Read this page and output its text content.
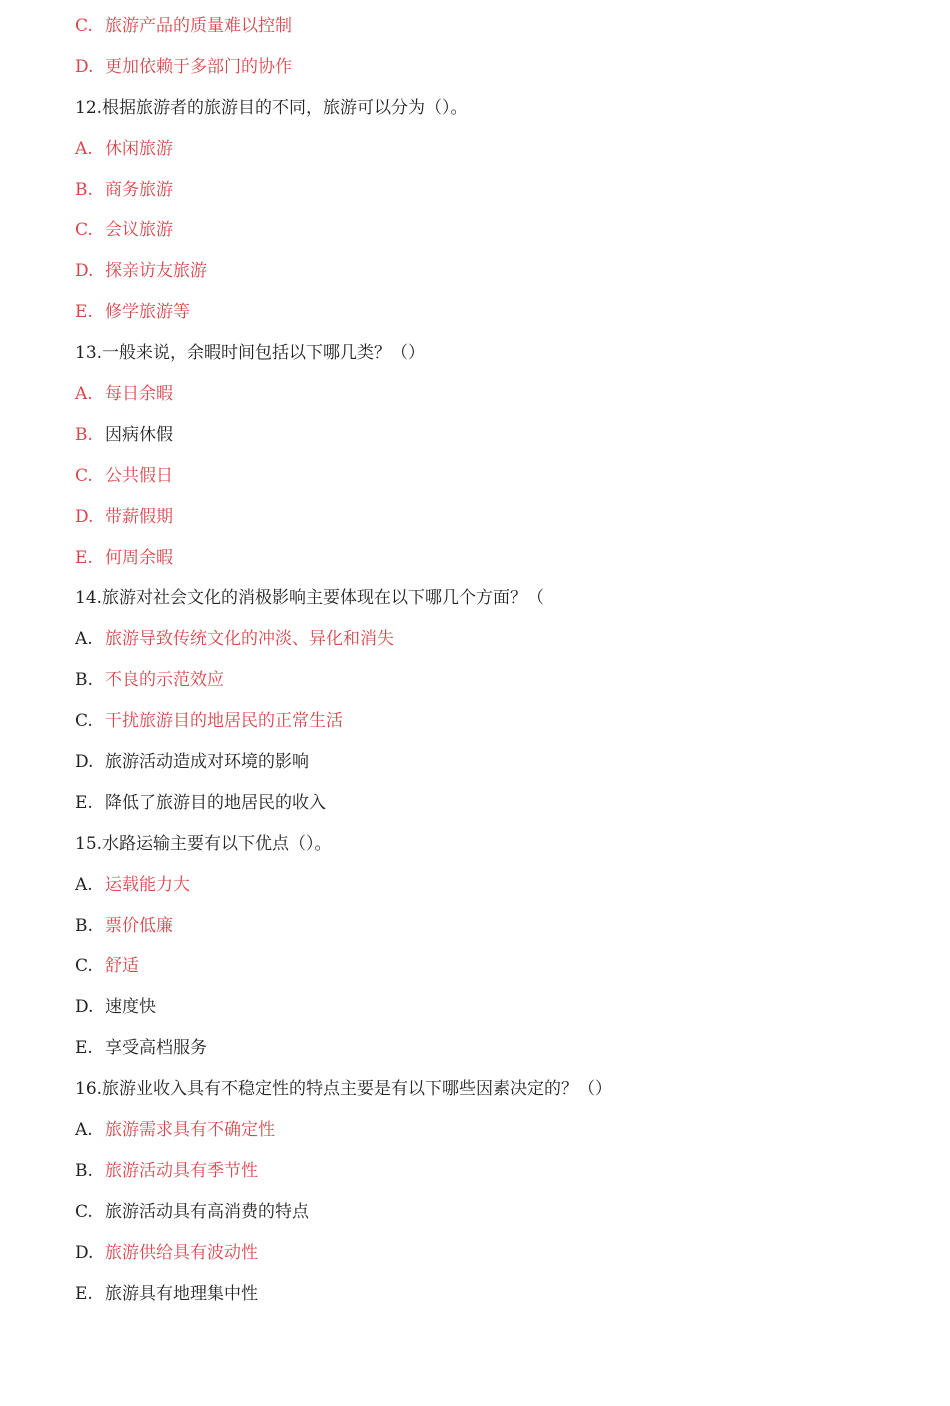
C. 旅游产品的质量难以控制
D. 更加依赖于多部门的协作
12.根据旅游者的旅游目的不同，旅游可以分为（）。
A. 休闲旅游
B. 商务旅游
C. 会议旅游
D. 探亲访友旅游
E. 修学旅游等
13.一般来说，余暇时间包括以下哪几类？（）
A. 每日余暇
B. 因病休假
C. 公共假日
D. 带薪假期
E. 何周余暇
14.旅游对社会文化的消极影响主要体现在以下哪几个方面？（
A. 旅游导致传统文化的冲淡、异化和消失
B. 不良的示范效应
C. 干扰旅游目的地居民的正常生活
D. 旅游活动造成对环境的影响
E. 降低了旅游目的地居民的收入
15.水路运输主要有以下优点（）。
A. 运载能力大
B. 票价低廉
C. 舒适
D. 速度快
E. 享受高档服务
16.旅游业收入具有不稳定性的特点主要是有以下哪些因素决定的？（）
A. 旅游需求具有不确定性
B. 旅游活动具有季节性
C. 旅游活动具有高消费的特点
D. 旅游供给具有波动性
E. 旅游具有地理集中性
